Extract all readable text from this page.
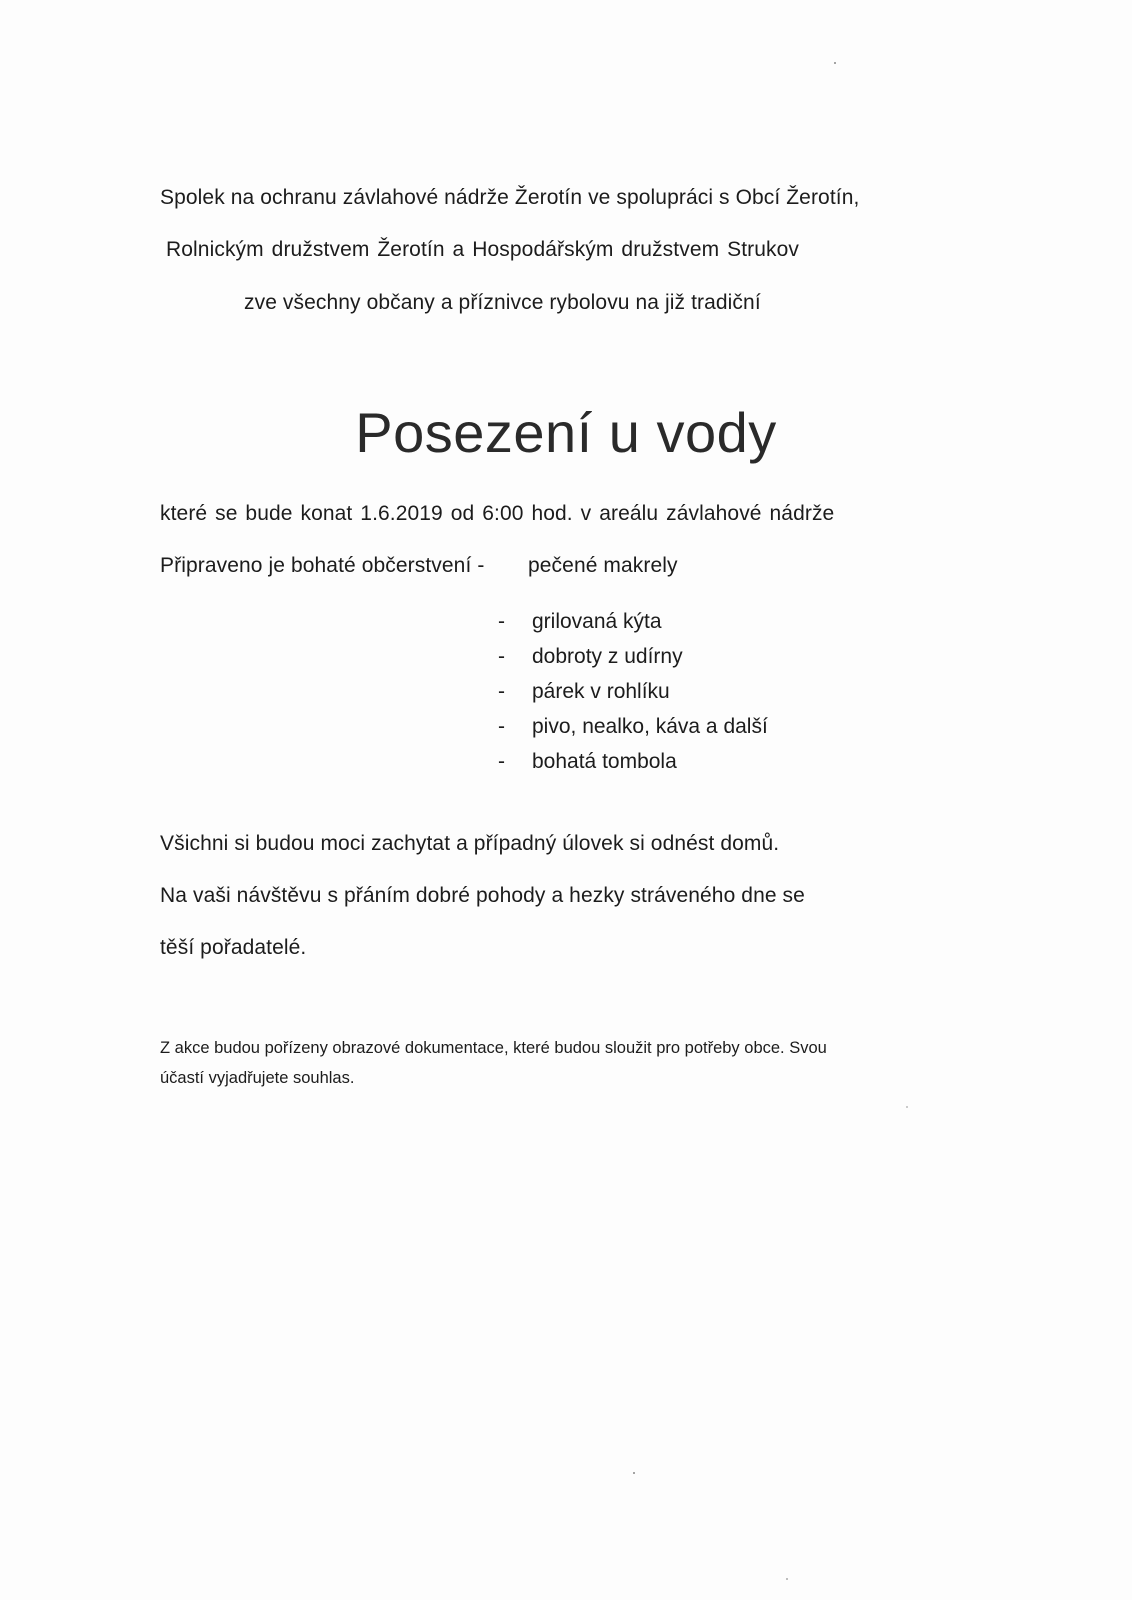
Spolek na ochranu závlahové nádrže Žerotín ve spolupráci s Obcí Žerotín,
Rolnickým družstvem Žerotín a Hospodářským družstvem Strukov
zve všechny občany a příznivce rybolovu na již tradiční
Posezení u vody
které se bude konat 1.6.2019 od 6:00 hod. v areálu závlahové nádrže
Připraveno je bohaté občerstvení - pečené makrely
- grilovaná kýta
- dobroty z udírny
- párek v rohlíku
- pivo, nealko, káva a další
- bohatá tombola
Všichni si budou moci zachytat a případný úlovek si odnést domů.
Na vaši návštěvu s přáním dobré pohody a hezky stráveného dne se
těší pořadatelé.
Z akce budou pořízeny obrazové dokumentace, které budou sloužit pro potřeby obce. Svou
účastí vyjadřujete souhlas.
